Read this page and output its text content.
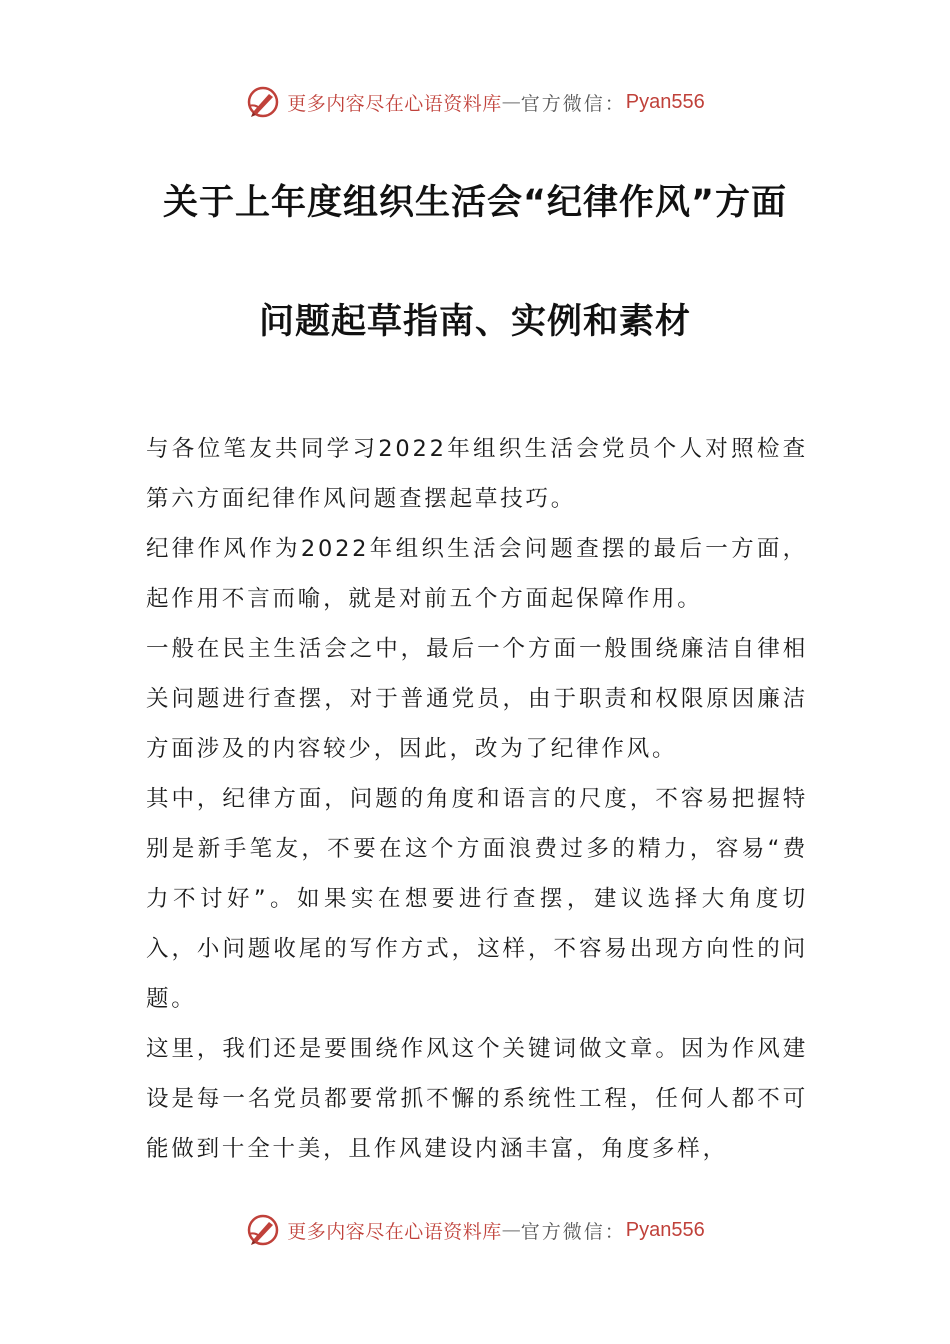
更多内容尽在心语资料库 — 官方微信： Pyan556
关于上年度组织生活会“纪律作风”方面
问题起草指南、实例和素材

与各位笔友共同学习2022年组织生活会党员个人对照检查第六方面纪律作风问题查摆起草技巧。

纪律作风作为2022年组织生活会问题查摆的最后一方面，起作用不言而喻，就是对前五个方面起保障作用。

一般在民主生活会之中，最后一个方面一般围绕廉洁自律相关问题进行查摆，对于普通党员，由于职责和权限原因廉洁方面涉及的内容较少，因此，改为了纪律作风。

其中，纪律方面，问题的角度和语言的尺度，不容易把握特别是新手笔友，不要在这个方面浪费过多的精力，容易“费力不讨好”。如果实在想要进行查摆，建议选择大角度切入，小问题收尾的写作方式，这样，不容易出现方向性的问题。

这里，我们还是要围绕作风这个关键词做文章。因为作风建设是每一名党员都要常抓不懈的系统性工程，任何人都不可能做到十全十美，且作风建设内涵丰富，角度多样，

更多内容尽在心语资料库 — 官方微信： Pyan556
